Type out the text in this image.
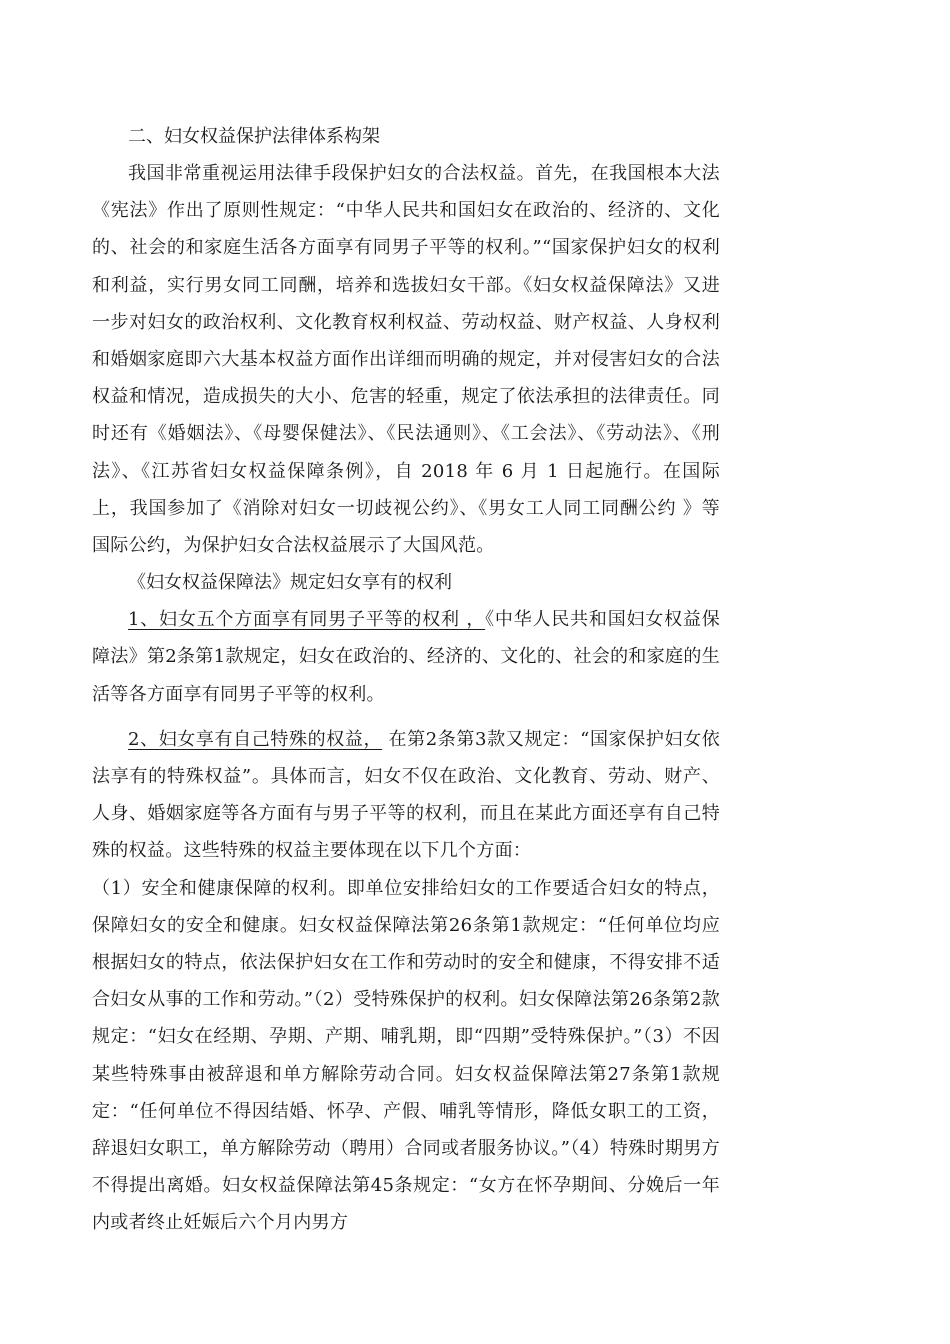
二、妇女权益保护法律体系构架

我国非常重视运用法律手段保护妇女的合法权益。首先，在我国根本大法《宪法》作出了原则性规定：“中华人民共和国妇女在政治的、经济的、文化的、社会的和家庭生活各方面享有同男子平等的权利。”“国家保护妇女的权利和利益，实行男女同工同酬，培养和选拔妇女干部。《妇女权益保障法》又进一步对妇女的政治权利、文化教育权利权益、劳动权益、财产权益、人身权利和婚姻家庭即六大基本权益方面作出详细而明确的规定，并对侵害妇女的合法权益和情况，造成损失的大小、危害的轻重，规定了依法承担的法律责任。同时还有《婚姻法》、《母婴保健法》、《民法通则》、《工会法》、《劳动法》、《刑法》、《江苏省妇女权益保障条例》，自 2018 年 6 月 1 日起施行。在国际上，我国参加了《消除对妇女一切歧视公约》、《男女工人同工同酬公约 》等国际公约，为保护妇女合法权益展示了大国风范。

《妇女权益保障法》规定妇女享有的权利

1、妇女五个方面享有同男子平等的权利 ，《中华人民共和国妇女权益保障法》第2条第1款规定，妇女在政治的、经济的、文化的、社会的和家庭的生活等各方面享有同男子平等的权利。

2、妇女享有自己特殊的权益， 在第2条第3款又规定：“国家保护妇女依法享有的特殊权益”。具体而言，妇女不仅在政治、文化教育、劳动、财产、人身、婚姻家庭等各方面有与男子平等的权利，而且在某此方面还享有自己特殊的权益。这些特殊的权益主要体现在以下几个方面：

（1）安全和健康保障的权利。即单位安排给妇女的工作要适合妇女的特点，保障妇女的安全和健康。妇女权益保障法第26条第1款规定：“任何单位均应根据妇女的特点，依法保护妇女在工作和劳动时的安全和健康，不得安排不适合妇女从事的工作和劳动。”（2）受特殊保护的权利。妇女保障法第26条第2款规定：“妇女在经期、孕期、产期、哺乳期，即“四期”受特殊保护。”（3）不因某些特殊事由被辞退和单方解除劳动合同。妇女权益保障法第27条第1款规定：“任何单位不得因结婚、怀孕、产假、哺乳等情形，降低女职工的工资，辞退妇女职工，单方解除劳动（聘用）合同或者服务协议。”（4）特殊时期男方不得提出离婚。妇女权益保障法第45条规定：“女方在怀孕期间、分娩后一年内或者终止妊娠后六个月内男方
